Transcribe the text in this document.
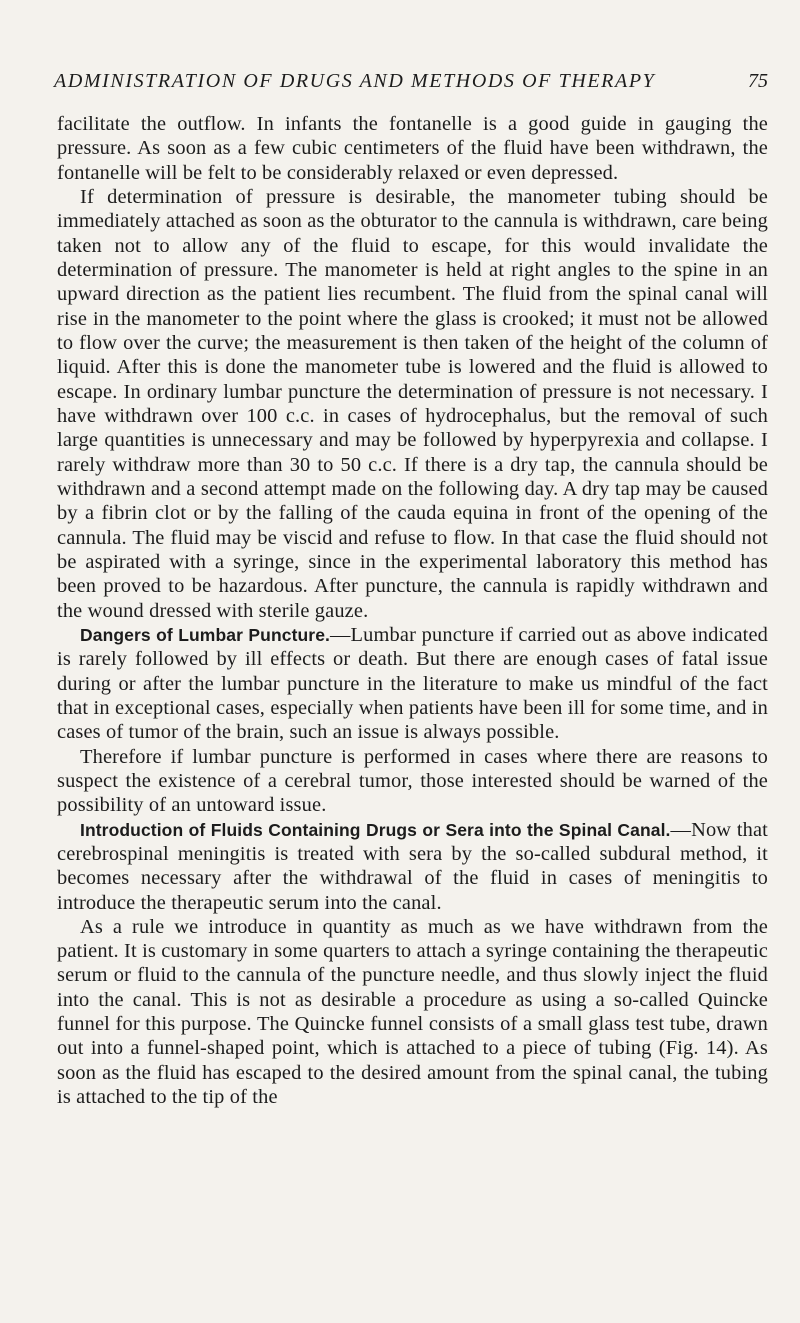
ADMINISTRATION OF DRUGS AND METHODS OF THERAPY	75

facilitate the outflow. In infants the fontanelle is a good guide in gauging the pressure. As soon as a few cubic centimeters of the fluid have been withdrawn, the fontanelle will be felt to be considerably relaxed or even depressed.

If determination of pressure is desirable, the manometer tubing should be immediately attached as soon as the obturator to the cannula is withdrawn, care being taken not to allow any of the fluid to escape, for this would invalidate the determination of pressure. The manometer is held at right angles to the spine in an upward direction as the patient lies recumbent. The fluid from the spinal canal will rise in the manometer to the point where the glass is crooked; it must not be allowed to flow over the curve; the measurement is then taken of the height of the column of liquid. After this is done the manometer tube is lowered and the fluid is allowed to escape. In ordinary lumbar puncture the determination of pressure is not necessary. I have withdrawn over 100 c.c. in cases of hydrocephalus, but the removal of such large quantities is unnecessary and may be followed by hyperpyrexia and collapse. I rarely withdraw more than 30 to 50 c.c. If there is a dry tap, the cannula should be withdrawn and a second attempt made on the following day. A dry tap may be caused by a fibrin clot or by the falling of the cauda equina in front of the opening of the cannula. The fluid may be viscid and refuse to flow. In that case the fluid should not be aspirated with a syringe, since in the experimental laboratory this method has been proved to be hazardous. After puncture, the cannula is rapidly withdrawn and the wound dressed with sterile gauze.

Dangers of Lumbar Puncture.—Lumbar puncture if carried out as above indicated is rarely followed by ill effects or death. But there are enough cases of fatal issue during or after the lumbar puncture in the literature to make us mindful of the fact that in exceptional cases, especially when patients have been ill for some time, and in cases of tumor of the brain, such an issue is always possible.

Therefore if lumbar puncture is performed in cases where there are reasons to suspect the existence of a cerebral tumor, those interested should be warned of the possibility of an untoward issue.

Introduction of Fluids Containing Drugs or Sera into the Spinal Canal.—Now that cerebrospinal meningitis is treated with sera by the so-called subdural method, it becomes necessary after the withdrawal of the fluid in cases of meningitis to introduce the therapeutic serum into the canal.

As a rule we introduce in quantity as much as we have withdrawn from the patient. It is customary in some quarters to attach a syringe containing the therapeutic serum or fluid to the cannula of the puncture needle, and thus slowly inject the fluid into the canal. This is not as desirable a procedure as using a so-called Quincke funnel for this purpose. The Quincke funnel consists of a small glass test tube, drawn out into a funnel-shaped point, which is attached to a piece of tubing (Fig. 14). As soon as the fluid has escaped to the desired amount from the spinal canal, the tubing is attached to the tip of the
